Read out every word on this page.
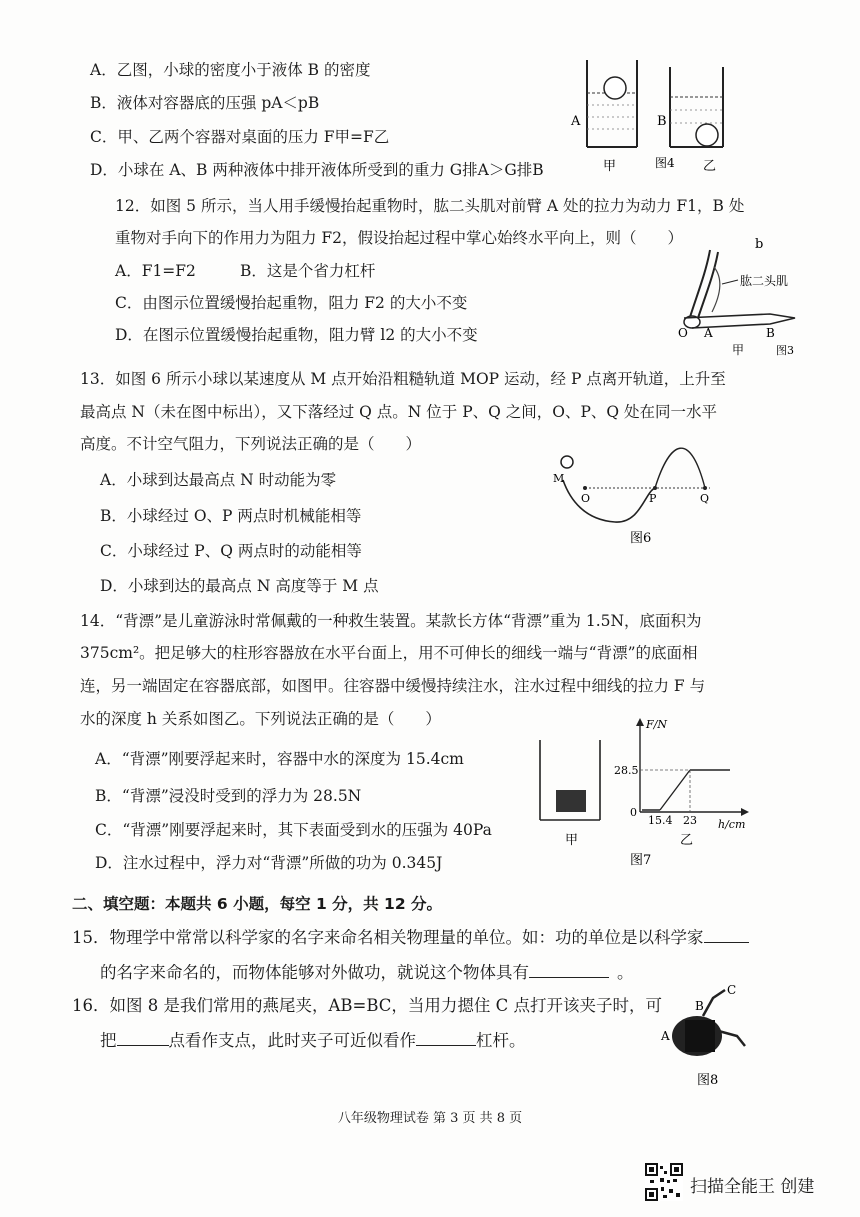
A．乙图，小球的密度小于液体 B 的密度
B．液体对容器底的压强 pA＜pB
C．甲、乙两个容器对桌面的压力 F甲=F乙
D．小球在 A、B 两种液体中排开液体所受到的重力 G排A＞G排B
A	B
甲	图4 乙
12．如图 5 所示，当人用手缓慢抬起重物时，肱二头肌对前臂 A 处的拉力为动力 F1，B 处
重物对手向下的作用力为阻力 F2，假设抬起过程中掌心始终水平向上，则（　　）
A．F1=F2	B．这是个省力杠杆
C．由图示位置缓慢抬起重物，阻力 F2 的大小不变
D．在图示位置缓慢抬起重物，阻力臂 l2 的大小不变
b
肱二头肌
O A	B
甲	图3
13．如图 6 所示小球以某速度从 M 点开始沿粗糙轨道 MOP 运动，经 P 点离开轨道，上升至
最高点 N（未在图中标出），又下落经过 Q 点。N 位于 P、Q 之间，O、P、Q 处在同一水平
高度。不计空气阻力，下列说法正确的是（　　）
A．小球到达最高点 N 时动能为零
B．小球经过 O、P 两点时机械能相等
C．小球经过 P、Q 两点时的动能相等
D．小球到达的最高点 N 高度等于 M 点
M
O	P	Q
图6
14．“背漂”是儿童游泳时常佩戴的一种救生装置。某款长方体“背漂”重为 1.5N，底面积为
375cm²。把足够大的柱形容器放在水平台面上，用不可伸长的细线一端与“背漂”的底面相
连，另一端固定在容器底部，如图甲。往容器中缓慢持续注水，注水过程中细线的拉力 F 与
水的深度 h 关系如图乙。下列说法正确的是（　　）
A．“背漂”刚要浮起来时，容器中水的深度为 15.4cm
B．“背漂”浸没时受到的浮力为 28.5N
C．“背漂”刚要浮起来时，其下表面受到水的压强为 40Pa
D．注水过程中，浮力对“背漂”所做的功为 0.345J
甲
F/N
h/cm
28.5
0
15.4 23
乙
图7
二、填空题：本题共 6 小题，每空 1 分，共 12 分。
15．物理学中常常以科学家的名字来命名相关物理量的单位。如：功的单位是以科学家
的名字来命名的，而物体能够对外做功，就说这个物体具有	。
16．如图 8 是我们常用的燕尾夹，AB=BC，当用力摁住 C 点打开该夹子时，可
把	点看作支点，此时夹子可近似看作	杠杆。
C
B
A
图8
八年级物理试卷 第 3 页 共 8 页
扫描全能王 创建
